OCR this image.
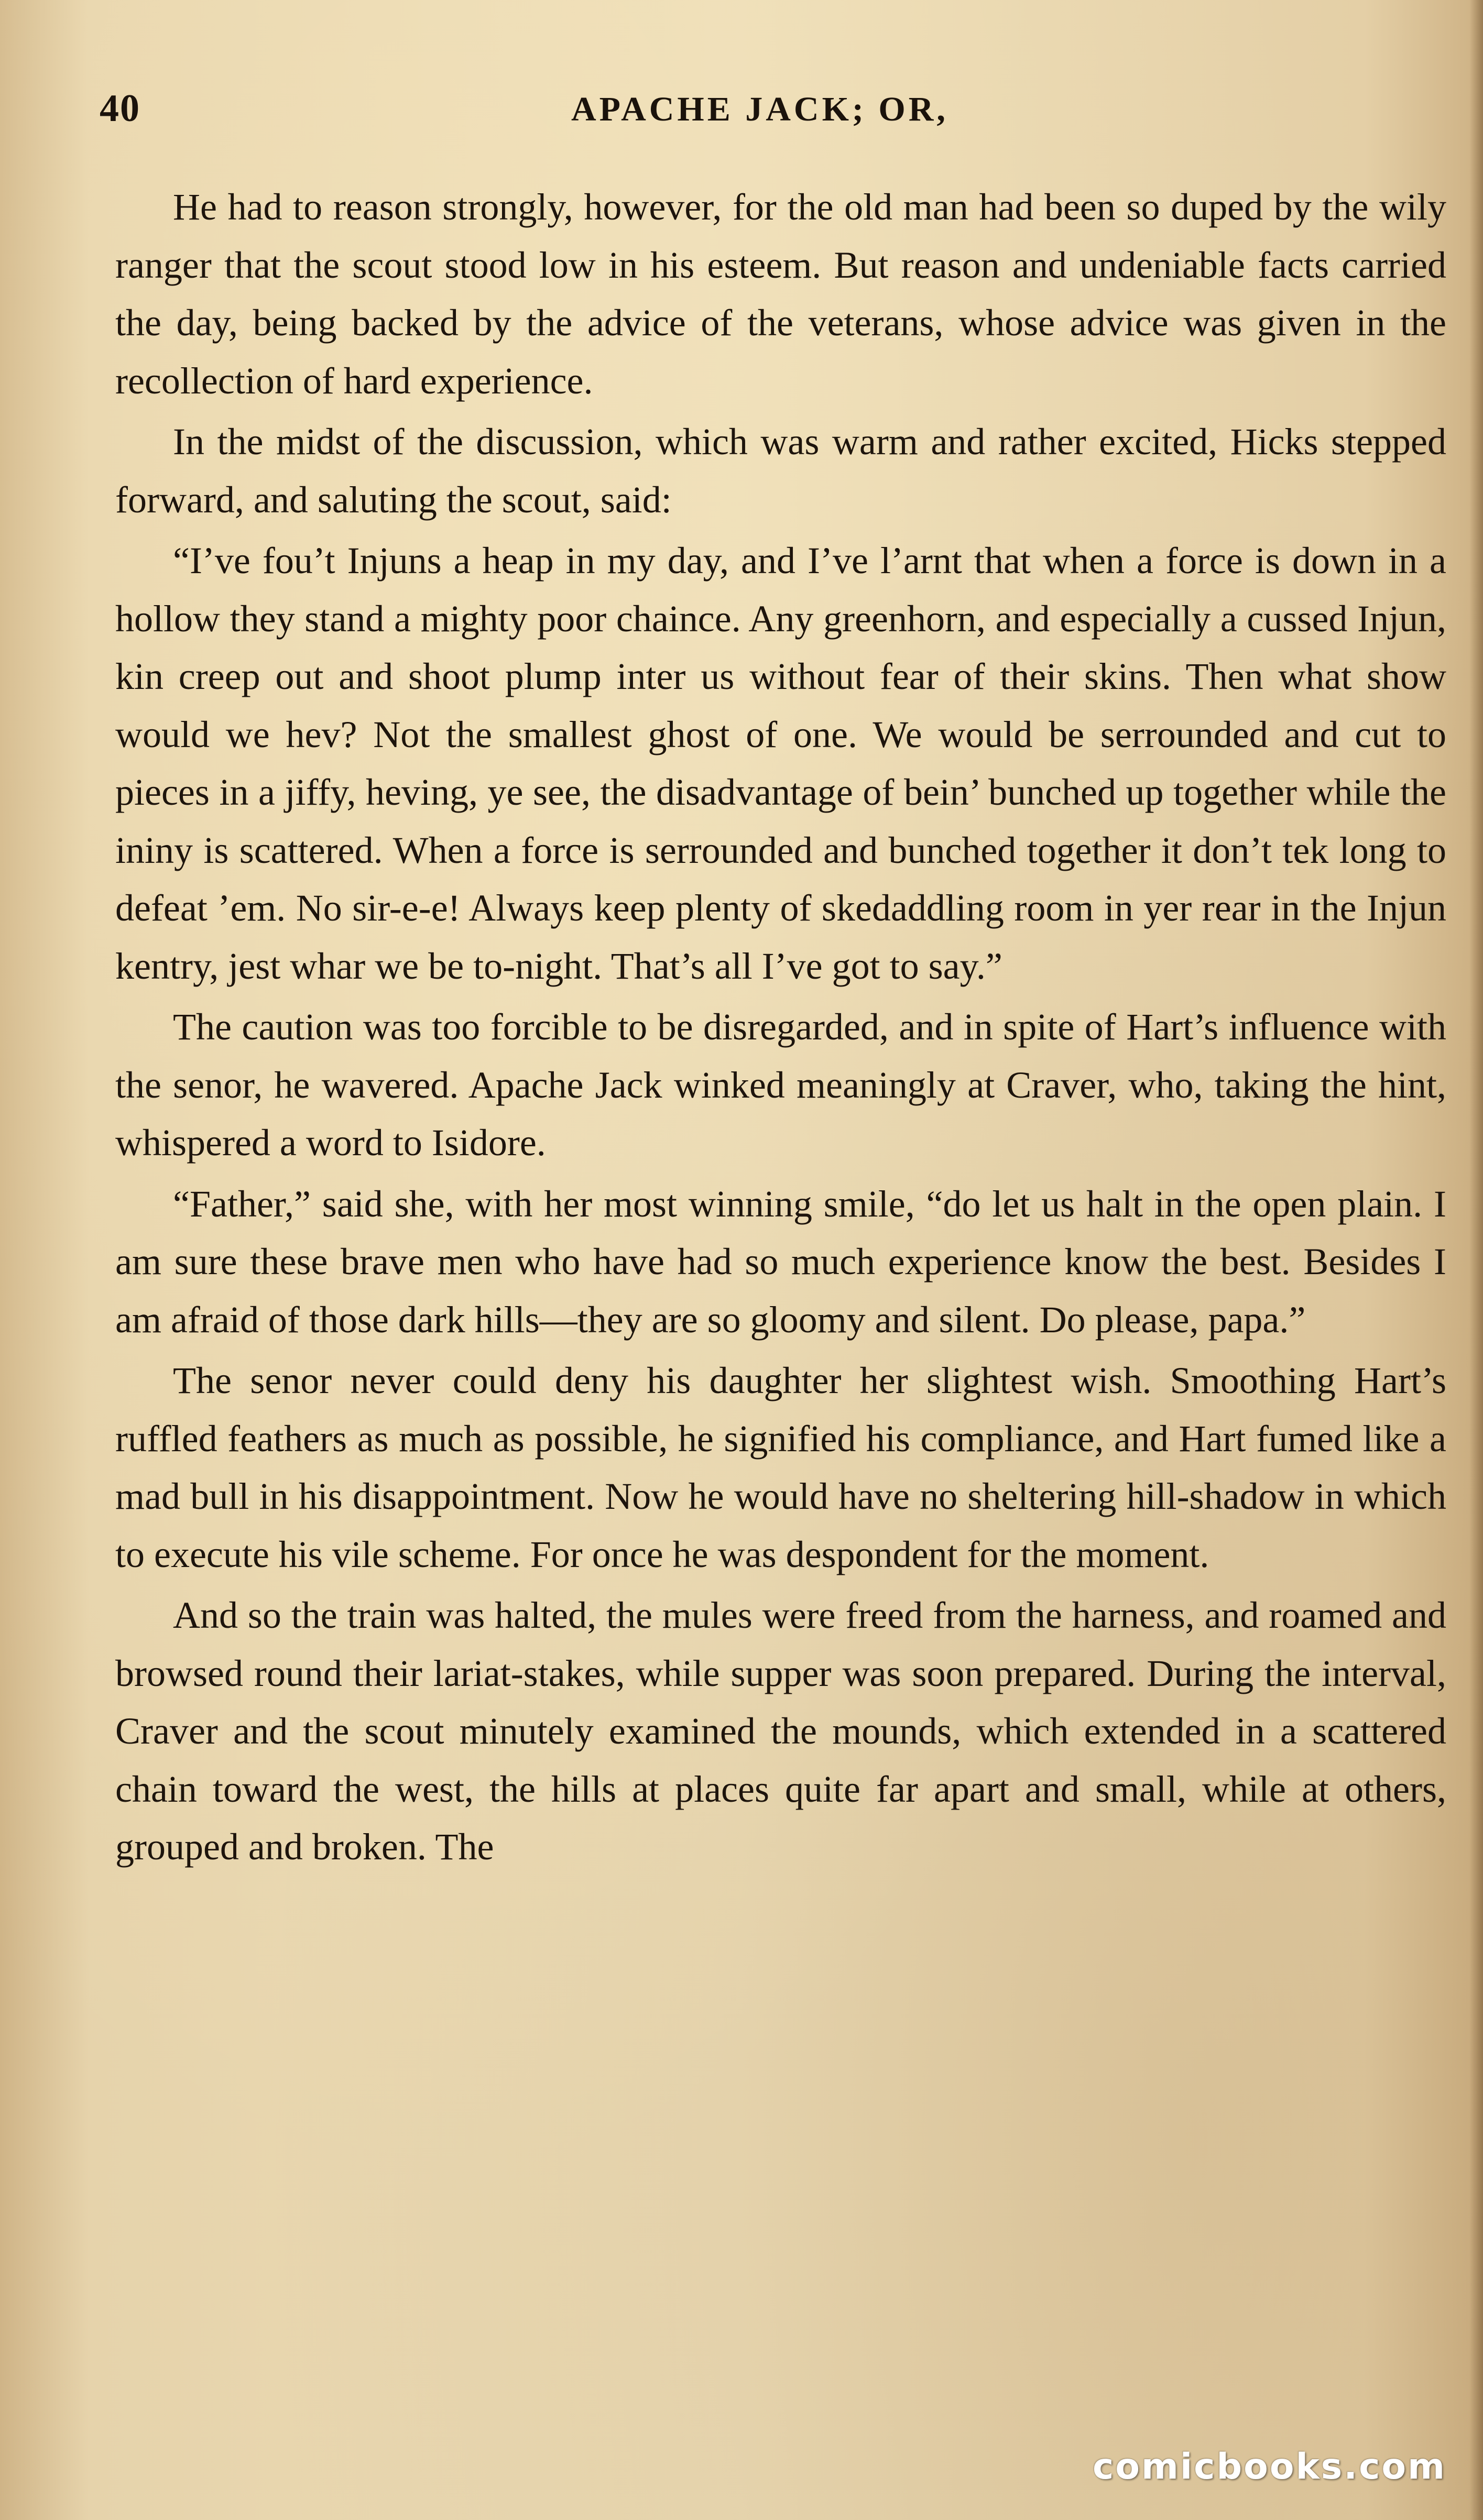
40	APACHE JACK; OR,

He had to reason strongly, however, for the old man had been so duped by the wily ranger that the scout stood low in his esteem. But reason and undeniable facts carried the day, being backed by the advice of the veterans, whose advice was given in the recollection of hard experience.

In the midst of the discussion, which was warm and rather excited, Hicks stepped forward, and saluting the scout, said:

“I’ve fou’t Injuns a heap in my day, and I’ve l’arnt that when a force is down in a hollow they stand a mighty poor chaince. Any greenhorn, and especially a cussed Injun, kin creep out and shoot plump inter us without fear of their skins. Then what show would we hev? Not the smallest ghost of one. We would be serrounded and cut to pieces in a jiffy, heving, ye see, the disadvantage of bein’ bunched up together while the ininy is scattered. When a force is serrounded and bunched together it don’t tek long to defeat ’em. No sir-e-e! Always keep plenty of skedaddling room in yer rear in the Injun kentry, jest whar we be to-night. That’s all I’ve got to say.”

The caution was too forcible to be disregarded, and in spite of Hart’s influence with the senor, he wavered. Apache Jack winked meaningly at Craver, who, taking the hint, whispered a word to Isidore.

“Father,” said she, with her most winning smile, “do let us halt in the open plain. I am sure these brave men who have had so much experience know the best. Besides I am afraid of those dark hills—they are so gloomy and silent. Do please, papa.”

The senor never could deny his daughter her slightest wish. Smoothing Hart’s ruffled feathers as much as possible, he signified his compliance, and Hart fumed like a mad bull in his disappointment. Now he would have no sheltering hill-shadow in which to execute his vile scheme. For once he was despondent for the moment.

And so the train was halted, the mules were freed from the harness, and roamed and browsed round their lariat-stakes, while supper was soon prepared. During the interval, Craver and the scout minutely examined the mounds, which extended in a scattered chain toward the west, the hills at places quite far apart and small, while at others, grouped and broken. The

comicbooks.com
